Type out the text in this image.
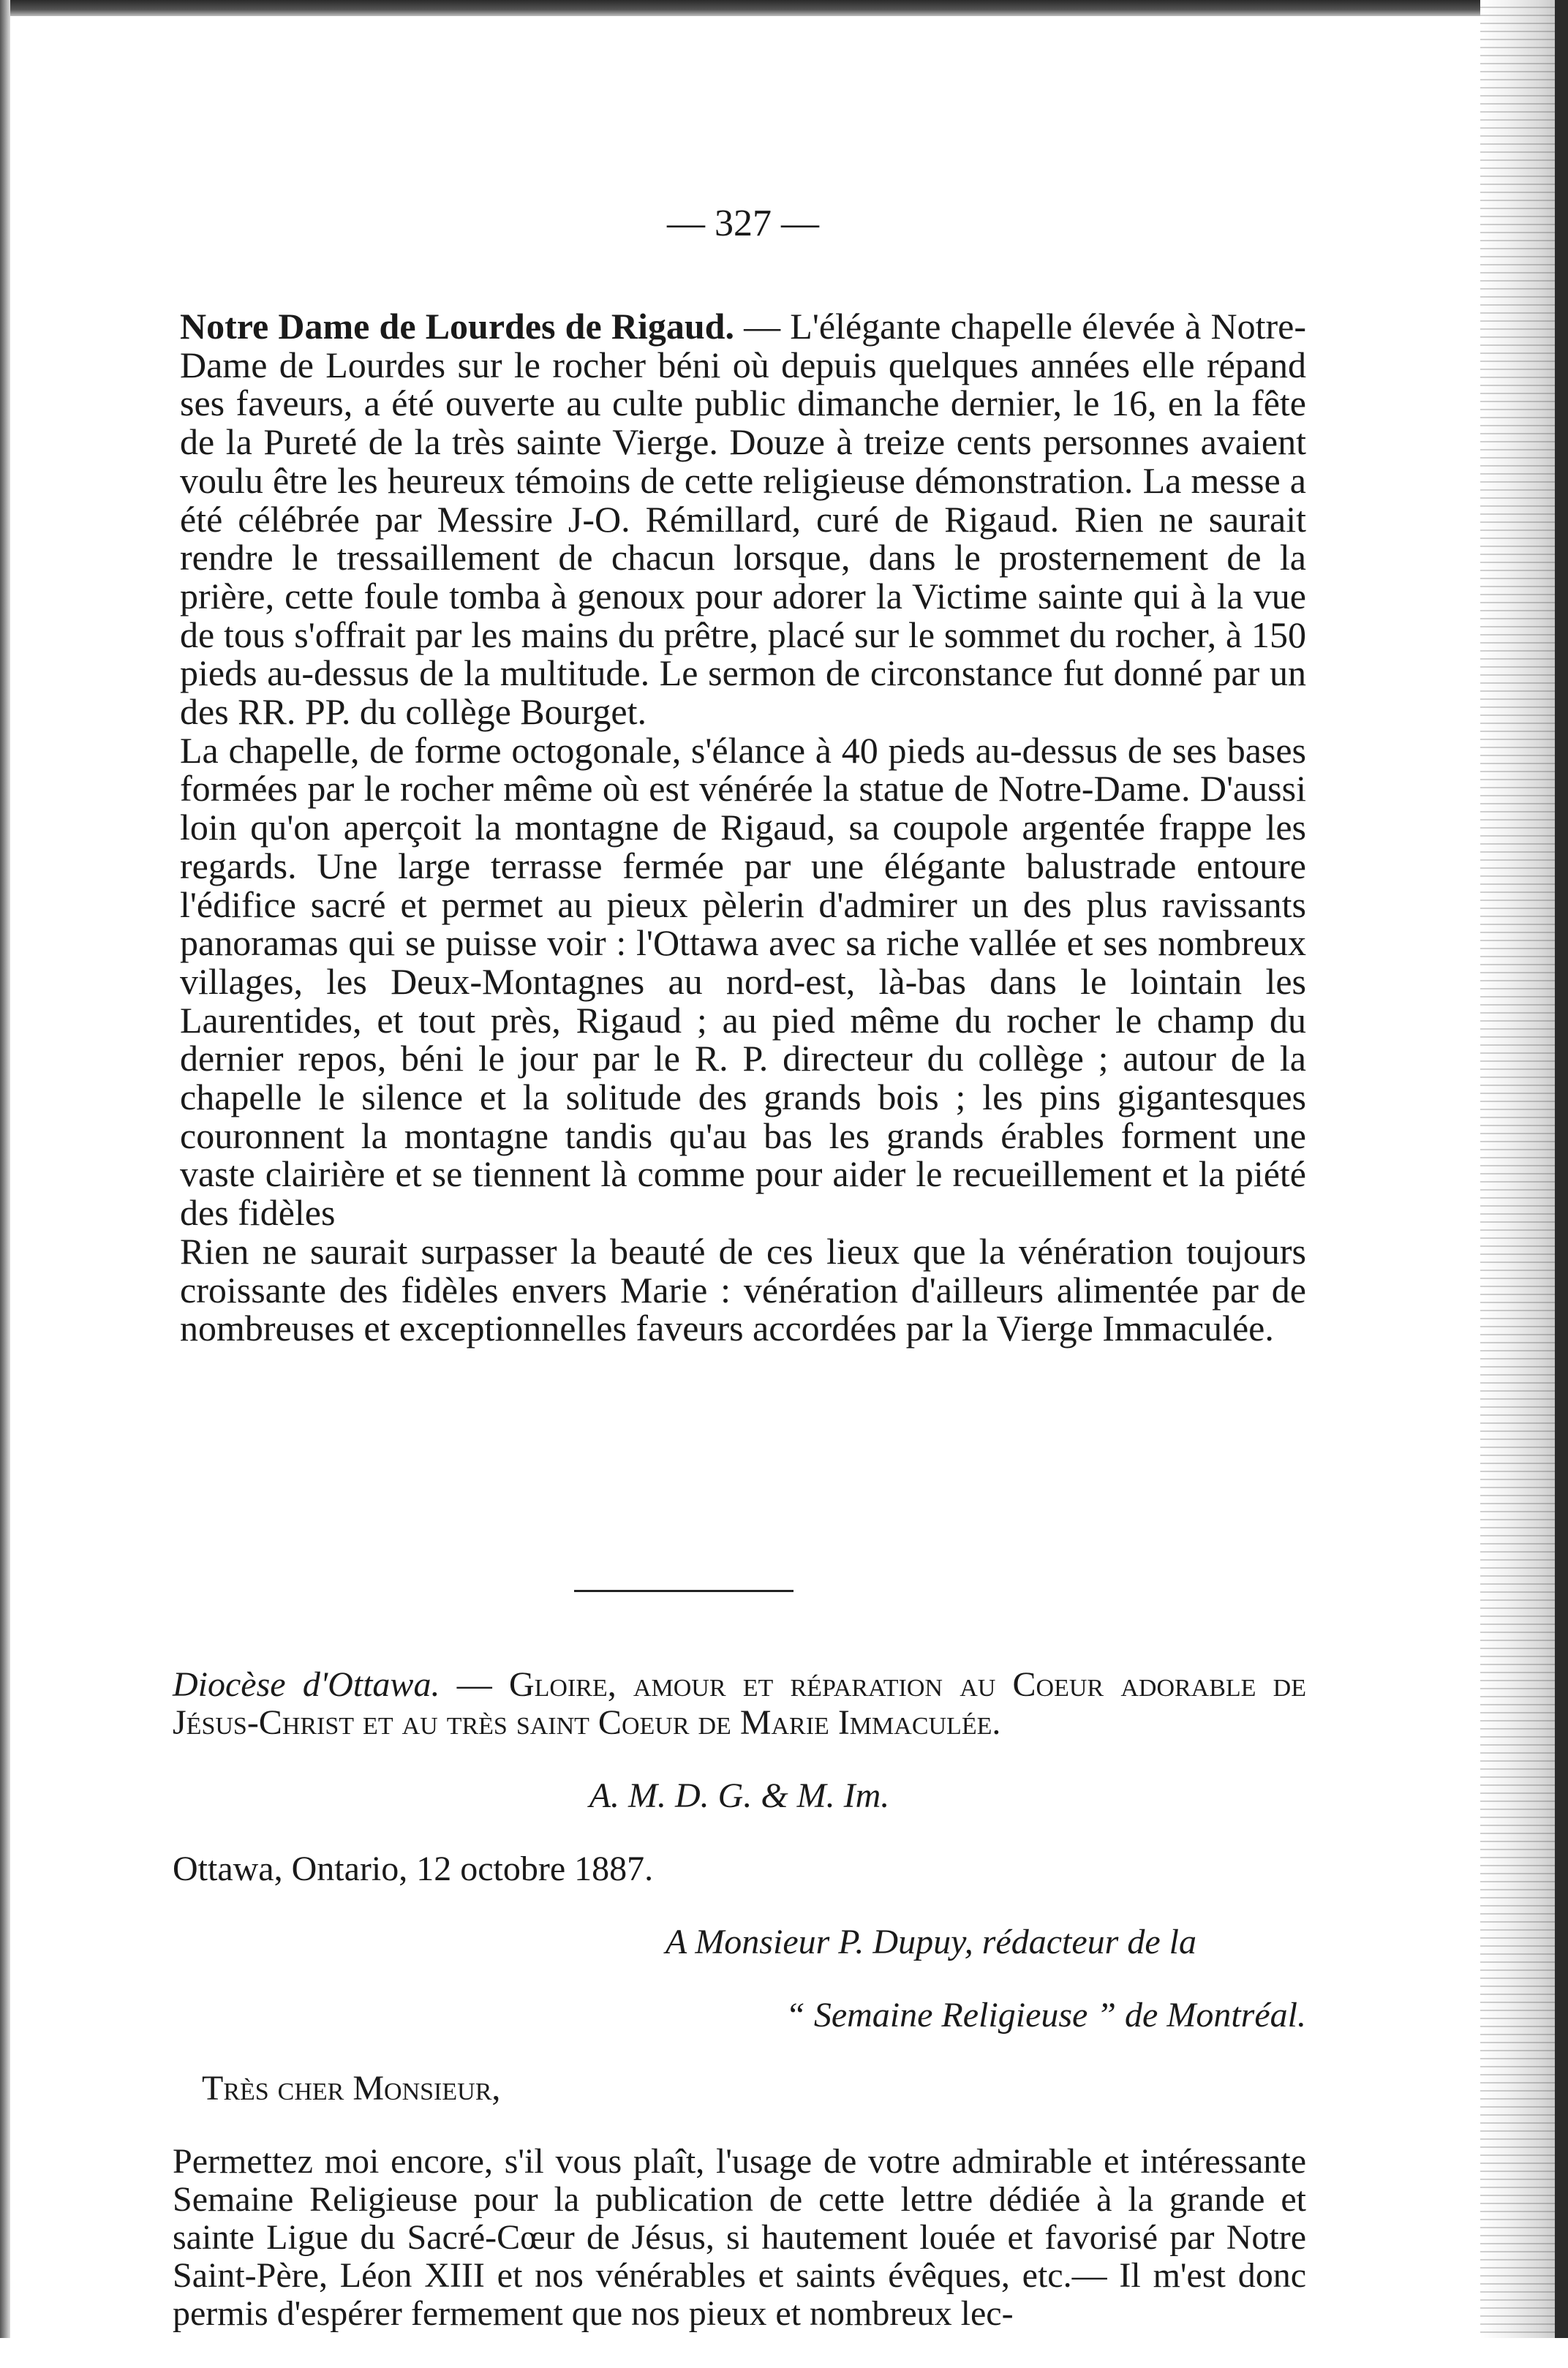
— 327 —

Notre Dame de Lourdes de Rigaud. — L'élégante chapelle élevée à Notre-Dame de Lourdes sur le rocher béni où depuis quelques années elle répand ses faveurs, a été ouverte au culte public dimanche dernier, le 16, en la fête de la Pureté de la très sainte Vierge. Douze à treize cents personnes avaient voulu être les heureux témoins de cette religieuse démonstration. La messe a été célébrée par Messire J-O. Rémillard, curé de Rigaud. Rien ne saurait rendre le tressaillement de chacun lorsque, dans le prosternement de la prière, cette foule tomba à genoux pour adorer la Victime sainte qui à la vue de tous s'offrait par les mains du prêtre, placé sur le sommet du rocher, à 150 pieds au-dessus de la multitude. Le sermon de circonstance fut donné par un des RR. PP. du collège Bourget.

La chapelle, de forme octogonale, s'élance à 40 pieds au-dessus de ses bases formées par le rocher même où est vénérée la statue de Notre-Dame. D'aussi loin qu'on aperçoit la montagne de Rigaud, sa coupole argentée frappe les regards. Une large terrasse fermée par une élégante balustrade entoure l'édifice sacré et permet au pieux pèlerin d'admirer un des plus ravissants panoramas qui se puisse voir : l'Ottawa avec sa riche vallée et ses nombreux villages, les Deux-Montagnes au nord-est, là-bas dans le lointain les Laurentides, et tout près, Rigaud ; au pied même du rocher le champ du dernier repos, béni le jour par le R. P. directeur du collège ; autour de la chapelle le silence et la solitude des grands bois ; les pins gigantesques couronnent la montagne tandis qu'au bas les grands érables forment une vaste clairière et se tiennent là comme pour aider le recueillement et la piété des fidèles

Rien ne saurait surpasser la beauté de ces lieux que la vénération toujours croissante des fidèles envers Marie : vénération d'ailleurs alimentée par de nombreuses et exceptionnelles faveurs accordées par la Vierge Immaculée.

Diocèse d'Ottawa. — Gloire, amour et réparation au Coeur adorable de Jésus-Christ et au très saint Coeur de Marie Immaculée.

A. M. D. G. & M. Im.

Ottawa, Ontario, 12 octobre 1887.

A Monsieur P. Dupuy, rédacteur de la

“ Semaine Religieuse ” de Montréal.

Très cher Monsieur,

Permettez moi encore, s'il vous plaît, l'usage de votre admirable et intéressante Semaine Religieuse pour la publication de cette lettre dédiée à la grande et sainte Ligue du Sacré-Cœur de Jésus, si hautement louée et favorisé par Notre Saint-Père, Léon XIII et nos vénérables et saints évêques, etc.— Il m'est donc permis d'espérer fermement que nos pieux et nombreux lec-
